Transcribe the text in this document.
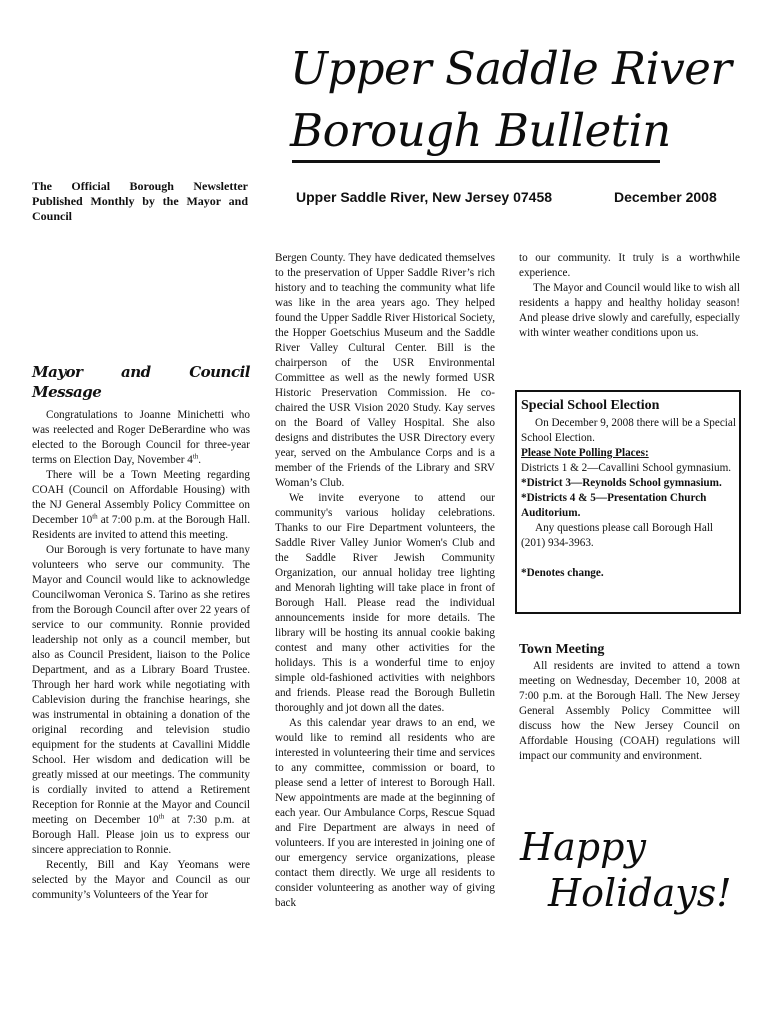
Upper Saddle River
Borough Bulletin
The Official Borough Newsletter Published Monthly by the Mayor and Council
Upper Saddle River, New Jersey 07458	December 2008
Mayor and Council Message

Congratulations to Joanne Minichetti who was reelected and Roger DeBerardine who was elected to the Borough Council for three-year terms on Election Day, November 4th.

There will be a Town Meeting regarding COAH (Council on Affordable Housing) with the NJ General Assembly Policy Committee on December 10th at 7:00 p.m. at the Borough Hall. Residents are invited to attend this meeting.

Our Borough is very fortunate to have many volunteers who serve our community. The Mayor and Council would like to acknowledge Councilwoman Veronica S. Tarino as she retires from the Borough Council after over 22 years of service to our community. Ronnie provided leadership not only as a council member, but also as Council President, liaison to the Police Department, and as a Library Board Trustee. Through her hard work while negotiating with Cablevision during the franchise hearings, she was instrumental in obtaining a donation of the original recording and television studio equipment for the students at Cavallini Middle School. Her wisdom and dedication will be greatly missed at our meetings. The community is cordially invited to attend a Retirement Reception for Ronnie at the Mayor and Council meeting on December 10th at 7:30 p.m. at Borough Hall. Please join us to express our sincere appreciation to Ronnie.

Recently, Bill and Kay Yeomans were selected by the Mayor and Council as our community’s Volunteers of the Year for

Bergen County. They have dedicated themselves to the preservation of Upper Saddle River’s rich history and to teaching the community what life was like in the area years ago. They helped found the Upper Saddle River Historical Society, the Hopper Goetschius Museum and the Saddle River Valley Cultural Center. Bill is the chairperson of the USR Environmental Committee as well as the newly formed USR Historic Preservation Commission. He co-chaired the USR Vision 2020 Study. Kay serves on the Board of Valley Hospital. She also designs and distributes the USR Directory every year, served on the Ambulance Corps and is a member of the Friends of the Library and SRV Woman’s Club.

We invite everyone to attend our community's various holiday celebrations. Thanks to our Fire Department volunteers, the Saddle River Valley Junior Women's Club and the Saddle River Jewish Community Organization, our annual holiday tree lighting and Menorah lighting will take place in front of Borough Hall. Please read the individual announcements inside for more details. The library will be hosting its annual cookie baking contest and many other activities for the holidays. This is a wonderful time to enjoy simple old-fashioned activities with neighbors and friends. Please read the Borough Bulletin thoroughly and jot down all the dates.

As this calendar year draws to an end, we would like to remind all residents who are interested in volunteering their time and services to any committee, commission or board, to please send a letter of interest to Borough Hall. New appointments are made at the beginning of each year. Our Ambulance Corps, Rescue Squad and Fire Department are always in need of volunteers. If you are interested in joining one of our emergency service organizations, please contact them directly. We urge all residents to consider volunteering as another way of giving back

to our community. It truly is a worthwhile experience.

The Mayor and Council would like to wish all residents a happy and healthy holiday season! And please drive slowly and carefully, especially with winter weather conditions upon us.

Special School Election

On December 9, 2008 there will be a Special School Election.

Please Note Polling Places:

Districts 1 & 2—Cavallini School gymnasium.

*District 3—Reynolds School gymnasium.

*Districts 4 & 5—Presentation Church Auditorium.

Any questions please call Borough Hall (201) 934-3963.

*Denotes change.

Town Meeting

All residents are invited to attend a town meeting on Wednesday, December 10, 2008 at 7:00 p.m. at the Borough Hall. The New Jersey General Assembly Policy Committee will discuss how the New Jersey Council on Affordable Housing (COAH) regulations will impact our community and environment.

Happy
Holidays!
